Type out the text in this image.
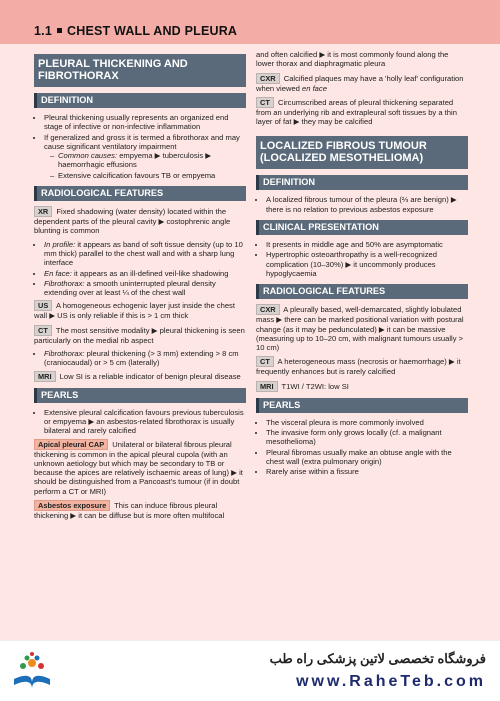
1.1 CHEST WALL AND PLEURA
PLEURAL THICKENING AND FIBROTHORAX
DEFINITION
• Pleural thickening usually represents an organized end stage of infective or non-infective inflammation
• If generalized and gross it is termed a fibrothorax and may cause significant ventilatory impairment
– Common causes: empyema ▶ tuberculosis ▶ haemorrhagic effusions
– Extensive calcification favours TB or empyema
RADIOLOGICAL FEATURES

XR Fixed shadowing (water density) located within the dependent parts of the pleural cavity ▶ costophrenic angle blunting is common

• In profile: it appears as band of soft tissue density (up to 10 mm thick) parallel to the chest wall and with a sharp lung interface
• En face: it appears as an ill-defined veil-like shadowing
• Fibrothorax: a smooth uninterrupted pleural density extending over at least ¼ of the chest wall

US A homogeneous echogenic layer just inside the chest wall ▶ US is only reliable if this is > 1 cm thick

CT The most sensitive modality ▶ pleural thickening is seen particularly on the medial rib aspect

• Fibrothorax: pleural thickening (> 3 mm) extending > 8 cm (craniocaudal) or > 5 cm (laterally)

MRI Low SI is a reliable indicator of benign pleural disease

PEARLS
• Extensive pleural calcification favours previous tuberculosis or empyema ▶ an asbestos-related fibrothorax is usually bilateral and rarely calcified

Apical pleural CAP Unilateral or bilateral fibrous pleural thickening is common in the apical pleural cupola (with an unknown aetiology but which may be secondary to TB or because the apices are relatively ischaemic areas of lung) ▶ it should be distinguished from a Pancoast's tumour (if in doubt perform a CT or MRI)

Asbestos exposure This can induce fibrous pleural thickening ▶ it can be diffuse but is more often multifocal

and often calcified ▶ it is most commonly found along the lower thorax and diaphragmatic pleura

CXR Calcified plaques may have a 'holly leaf' configuration when viewed en face

CT Circumscribed areas of pleural thickening separated from an underlying rib and extrapleural soft tissues by a thin layer of fat ▶ they may be calcified

LOCALIZED FIBROUS TUMOUR (LOCALIZED MESOTHELIOMA)
DEFINITION
• A localized fibrous tumour of the pleura (⅔ are benign) ▶ there is no relation to previous asbestos exposure
CLINICAL PRESENTATION
• It presents in middle age and 50% are asymptomatic
• Hypertrophic osteoarthropathy is a well-recognized complication (10–30%) ▶ it uncommonly produces hypoglycaemia
RADIOLOGICAL FEATURES

CXR A pleurally based, well-demarcated, slightly lobulated mass ▶ there can be marked positional variation with postural change (as it may be pedunculated) ▶ it can be massive (measuring up to 10–20 cm, with malignant tumours usually > 10 cm)

CT A heterogeneous mass (necrosis or haemorrhage) ▶ it frequently enhances but is rarely calcified

MRI T1WI / T2WI: low SI

PEARLS
• The visceral pleura is more commonly involved
• The invasive form only grows locally (cf. a malignant mesothelioma)
• Pleural fibromas usually make an obtuse angle with the chest wall (extra pulmonary origin)
• Rarely arise within a fissure
فروشگاه تخصصی لاتین پزشکی راه طب
www.RaheTeb.com
